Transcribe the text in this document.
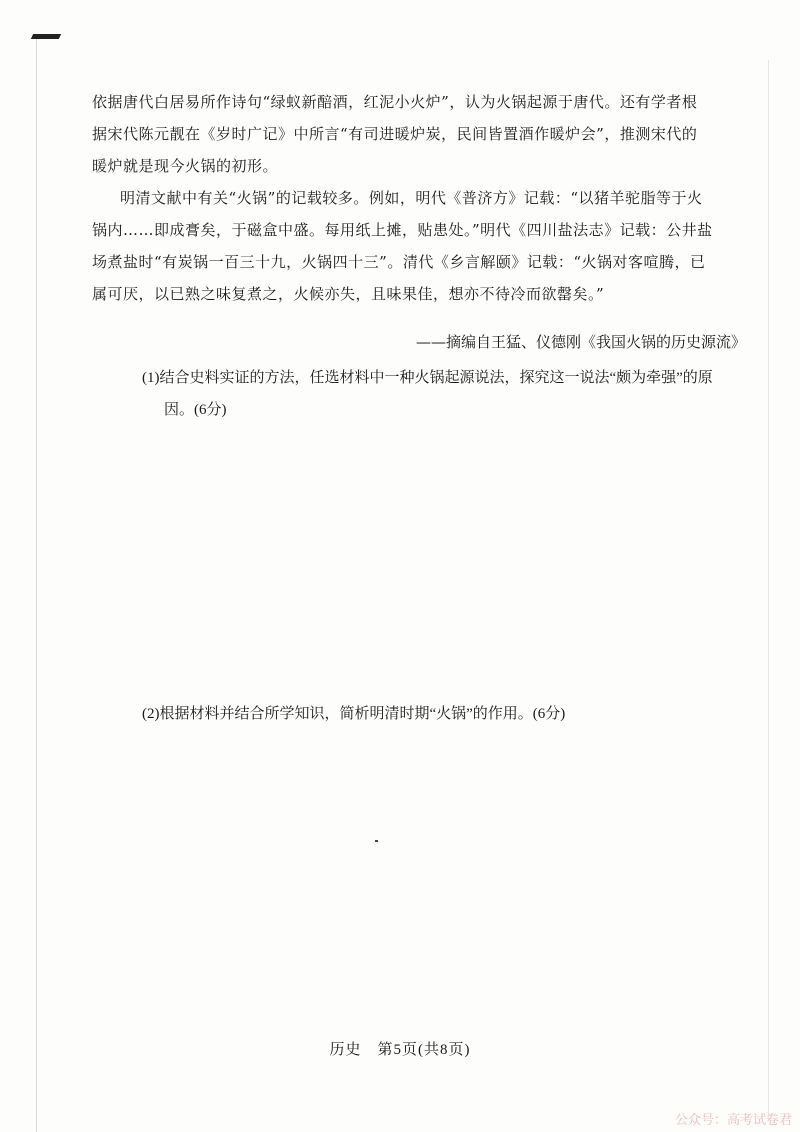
依据唐代白居易所作诗句“绿蚁新醅酒，红泥小火炉”，认为火锅起源于唐代。还有学者根
据宋代陈元靓在《岁时广记》中所言“有司进暖炉炭，民间皆置酒作暖炉会”，推测宋代的
暖炉就是现今火锅的初形。
明清文献中有关“火锅”的记载较多。例如，明代《普济方》记载：“以猪羊驼脂等于火
锅内……即成膏矣，于磁盒中盛。每用纸上摊，贴患处。”明代《四川盐法志》记载：公井盐
场煮盐时“有炭锅一百三十九，火锅四十三”。清代《乡言解颐》记载：“火锅对客喧腾，已
属可厌，以已熟之味复煮之，火候亦失，且味果佳，想亦不待冷而欲罄矣。”
——摘编自王猛、仪德刚《我国火锅的历史源流》
(1)结合史料实证的方法，任选材料中一种火锅起源说法，探究这一说法“颇为牵强”的原
因。(6分)
(2)根据材料并结合所学知识，简析明清时期“火锅”的作用。(6分)
历史　第5页(共8页)
公众号：高考试卷君
